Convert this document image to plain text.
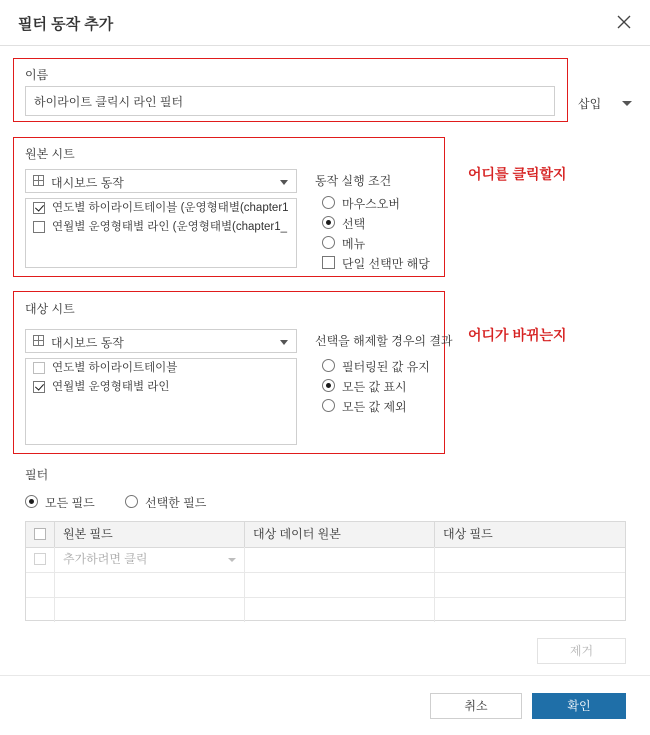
필터 동작 추가
이름
하이라이트 클릭시 라인 필터
삽입
원본 시트
대시보드 동작
연도별 하이라이트테이블 (운영형태별(chapter1
연월별 운영형태별 라인 (운영형태별(chapter1_
동작 실행 조건
마우스오버
선택
메뉴
단일 선택만 해당
어디를 클릭할지
대상 시트
대시보드 동작
연도별 하이라이트테이블
연월별 운영형태별 라인
선택을 해제할 경우의 결과
필터링된 값 유지
모든 값 표시
모든 값 제외
어디가 바뀌는지
필터
모든 필드	선택한 필드
원본 필드	대상 데이터 원본	대상 필드
추가하려면 클릭
제거
취소	확인
